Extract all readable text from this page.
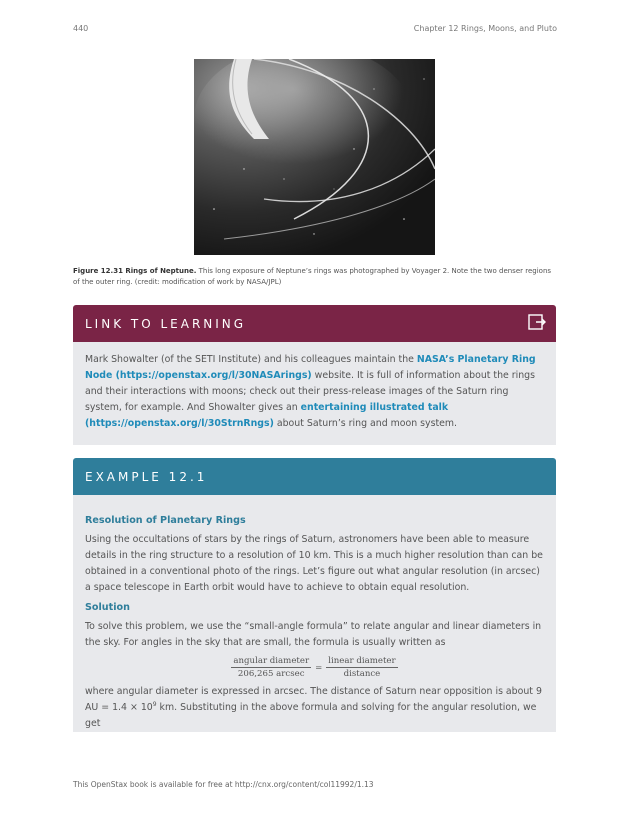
440	Chapter 12 Rings, Moons, and Pluto
Figure 12.31 Rings of Neptune. This long exposure of Neptune’s rings was photographed by Voyager 2. Note the two denser regions of the outer ring. (credit: modification of work by NASA/JPL)
LINK TO LEARNING
Mark Showalter (of the SETI Institute) and his colleagues maintain the NASA’s Planetary Ring Node (https://openstax.org/l/30NASArings) website. It is full of information about the rings and their interactions with moons; check out their press-release images of the Saturn ring system, for example. And Showalter gives an entertaining illustrated talk (https://openstax.org/l/30StrnRngs) about Saturn’s ring and moon system.
EXAMPLE 12.1

Resolution of Planetary Rings

Using the occultations of stars by the rings of Saturn, astronomers have been able to measure details in the ring structure to a resolution of 10 km. This is a much higher resolution than can be obtained in a conventional photo of the rings. Let’s figure out what angular resolution (in arcsec) a space telescope in Earth orbit would have to achieve to obtain equal resolution.

Solution

To solve this problem, we use the “small-angle formula” to relate angular and linear diameters in the sky. For angles in the sky that are small, the formula is usually written as

$\frac{\text{angular diameter}}{\text{206,265 arcsec}} = \frac{\text{linear diameter}}{\text{distance}}$

where angular diameter is expressed in arcsec. The distance of Saturn near opposition is about 9 AU = $1.4 \times 10^9$ km. Substituting in the above formula and solving for the angular resolution, we get

This OpenStax book is available for free at http://cnx.org/content/col11992/1.13
